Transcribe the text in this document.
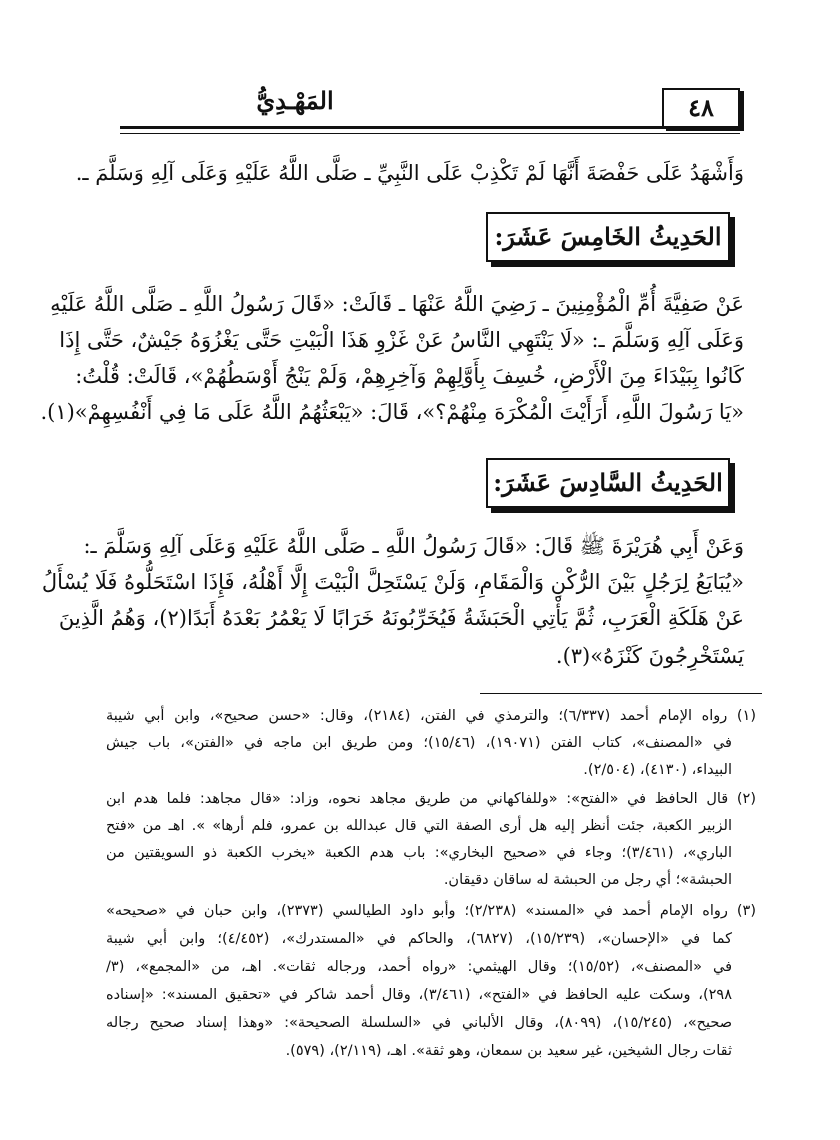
٤٨
المَهْـدِيُّ
وَأَشْهَدُ عَلَى حَفْصَةَ أَنَّهَا لَمْ تَكْذِبْ عَلَى النَّبِيِّ ـ صَلَّى اللَّهُ عَلَيْهِ وَعَلَى آلِهِ وَسَلَّمَ ـ.
الحَدِيثُ الخَامِسَ عَشَرَ:
عَنْ صَفِيَّةَ أُمِّ الْمُؤْمِنِينَ ـ رَضِيَ اللَّهُ عَنْهَا ـ قَالَتْ: «قَالَ رَسُولُ اللَّهِ ـ صَلَّى اللَّهُ عَلَيْهِ
وَعَلَى آلِهِ وَسَلَّمَ ـ: «لَا يَنْتَهِي النَّاسُ عَنْ غَزْوِ هَذَا الْبَيْتِ حَتَّى يَغْزُوَهُ جَيْشٌ، حَتَّى إِذَا
كَانُوا بِبَيْدَاءَ مِنَ الْأَرْضِ، خُسِفَ بِأَوَّلِهِمْ وَآخِرِهِمْ، وَلَمْ يَنْجُ أَوْسَطُهُمْ»، قَالَتْ: قُلْتُ:
«يَا رَسُولَ اللَّهِ، أَرَأَيْتَ الْمُكْرَهَ مِنْهُمْ؟»، قَالَ: «يَبْعَثُهُمُ اللَّهُ عَلَى مَا فِي أَنْفُسِهِمْ»(١).
الحَدِيثُ السَّادِسَ عَشَرَ:
وَعَنْ أَبِي هُرَيْرَةَ ﷺ قَالَ: «قَالَ رَسُولُ اللَّهِ ـ صَلَّى اللَّهُ عَلَيْهِ وَعَلَى آلِهِ وَسَلَّمَ ـ:
«يُبَايَعُ لِرَجُلٍ بَيْنَ الرُّكْنِ وَالْمَقَامِ، وَلَنْ يَسْتَحِلَّ الْبَيْتَ إِلَّا أَهْلُهُ، فَإِذَا اسْتَحَلُّوهُ فَلَا يُسْأَلُ
عَنْ هَلَكَةِ الْعَرَبِ، ثُمَّ يَأْتِي الْحَبَشَةُ فَيُخَرِّبُونَهُ خَرَابًا لَا يَعْمُرُ بَعْدَهُ أَبَدًا(٢)، وَهُمُ الَّذِينَ
يَسْتَخْرِجُونَ كَنْزَهُ»(٣).
(١) رواه الإمام أحمد (٦/٣٣٧)؛ والترمذي في الفتن، (٢١٨٤)، وقال: «حسن صحيح»، وابن أبي شيبة
في «المصنف»، كتاب الفتن (١٩٠٧١)، (١٥/٤٦)؛ ومن طريق ابن ماجه في «الفتن»، باب جيش
البيداء، (٤١٣٠)، (٢/٥٠٤).
(٢) قال الحافظ في «الفتح»: «وللفاكهاني من طريق مجاهد نحوه، وزاد: «قال مجاهد: فلما هدم ابن
الزبير الكعبة، جئت أنظر إليه هل أرى الصفة التي قال عبدالله بن عمرو، فلم أرها» ». اهـ من «فتح
الباري»، (٣/٤٦١)؛ وجاء في «صحيح البخاري»: باب هدم الكعبة «يخرب الكعبة ذو السويقتين من
الحبشة»؛ أي رجل من الحبشة له ساقان دقيقان.
(٣) رواه الإمام أحمد في «المسند» (٢/٢٣٨)؛ وأبو داود الطيالسي (٢٣٧٣)، وابن حبان في «صحيحه»
كما في «الإحسان»، (١٥/٢٣٩)، (٦٨٢٧)، والحاكم في «المستدرك»، (٤/٤٥٢)؛ وابن أبي شيبة
في «المصنف»، (١٥/٥٢)؛ وقال الهيثمي: «رواه أحمد، ورجاله ثقات». اهـ، من «المجمع»، (٣/
٢٩٨)، وسكت عليه الحافظ في «الفتح»، (٣/٤٦١)، وقال أحمد شاكر في «تحقيق المسند»: «إسناده
صحيح»، (١٥/٢٤٥)، (٨٠٩٩)، وقال الألباني في «السلسلة الصحيحة»: «وهذا إسناد صحيح رجاله
ثقات رجال الشيخين، غير سعيد بن سمعان، وهو ثقة». اهـ، (٢/١١٩)، (٥٧٩).
